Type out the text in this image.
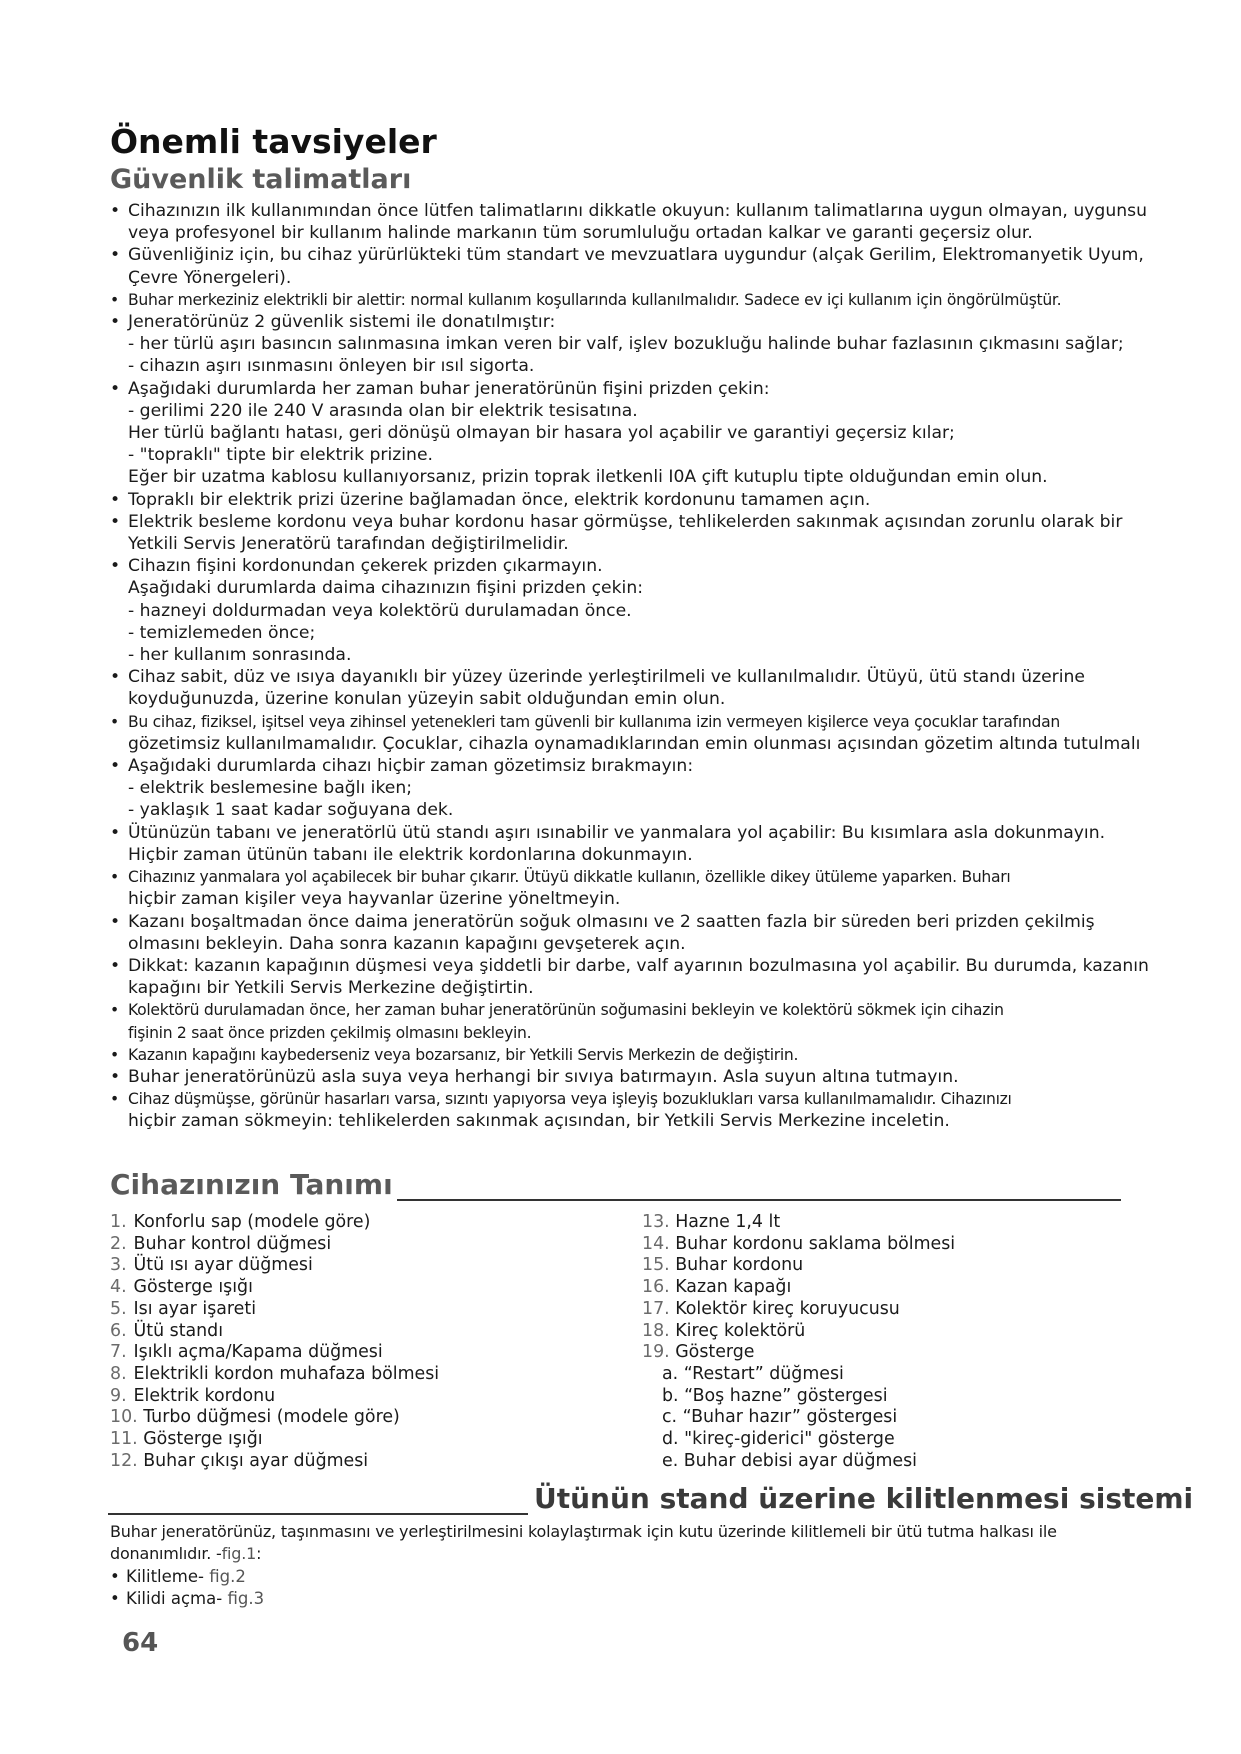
Önemli tavsiyeler
Güvenlik talimatları
• Cihazınızın ilk kullanımından önce lütfen talimatlarını dikkatle okuyun: kullanım talimatlarına uygun olmayan, uygunsu
veya profesyonel bir kullanım halinde markanın tüm sorumluluğu ortadan kalkar ve garanti geçersiz olur.
• Güvenliğiniz için, bu cihaz yürürlükteki tüm standart ve mevzuatlara uygundur (alçak Gerilim, Elektromanyetik Uyum,
Çevre Yönergeleri).
• Buhar merkeziniz elektrikli bir alettir: normal kullanım koşullarında kullanılmalıdır. Sadece ev içi kullanım için öngörülmüştür.
• Jeneratörünüz 2 güvenlik sistemi ile donatılmıştır:
- her türlü aşırı basıncın salınmasına imkan veren bir valf, işlev bozukluğu halinde buhar fazlasının çıkmasını sağlar;
- cihazın aşırı ısınmasını önleyen bir ısıl sigorta.
• Aşağıdaki durumlarda her zaman buhar jeneratörünün fişini prizden çekin:
- gerilimi 220 ile 240 V arasında olan bir elektrik tesisatına.
Her türlü bağlantı hatası, geri dönüşü olmayan bir hasara yol açabilir ve garantiyi geçersiz kılar;
- "topraklı" tipte bir elektrik prizine.
Eğer bir uzatma kablosu kullanıyorsanız, prizin toprak iletkenli I0A çift kutuplu tipte olduğundan emin olun.
• Topraklı bir elektrik prizi üzerine bağlamadan önce, elektrik kordonunu tamamen açın.
• Elektrik besleme kordonu veya buhar kordonu hasar görmüşse, tehlikelerden sakınmak açısından zorunlu olarak bir
Yetkili Servis Jeneratörü tarafından değiştirilmelidir.
• Cihazın fişini kordonundan çekerek prizden çıkarmayın.
Aşağıdaki durumlarda daima cihazınızın fişini prizden çekin:
- hazneyi doldurmadan veya kolektörü durulamadan önce.
- temizlemeden önce;
- her kullanım sonrasında.
• Cihaz sabit, düz ve ısıya dayanıklı bir yüzey üzerinde yerleştirilmeli ve kullanılmalıdır. Ütüyü, ütü standı üzerine
koyduğunuzda, üzerine konulan yüzeyin sabit olduğundan emin olun.
• Bu cihaz, fiziksel, işitsel veya zihinsel yetenekleri tam güvenli bir kullanıma izin vermeyen kişilerce veya çocuklar tarafından
gözetimsiz kullanılmamalıdır. Çocuklar, cihazla oynamadıklarından emin olunması açısından gözetim altında tutulmalı
• Aşağıdaki durumlarda cihazı hiçbir zaman gözetimsiz bırakmayın:
- elektrik beslemesine bağlı iken;
- yaklaşık 1 saat kadar soğuyana dek.
• Ütünüzün tabanı ve jeneratörlü ütü standı aşırı ısınabilir ve yanmalara yol açabilir: Bu kısımlara asla dokunmayın.
Hiçbir zaman ütünün tabanı ile elektrik kordonlarına dokunmayın.
• Cihazınız yanmalara yol açabilecek bir buhar çıkarır. Ütüyü dikkatle kullanın, özellikle dikey ütüleme yaparken. Buharı
hiçbir zaman kişiler veya hayvanlar üzerine yöneltmeyin.
• Kazanı boşaltmadan önce daima jeneratörün soğuk olmasını ve 2 saatten fazla bir süreden beri prizden çekilmiş
olmasını bekleyin. Daha sonra kazanın kapağını gevşeterek açın.
• Dikkat: kazanın kapağının düşmesi veya şiddetli bir darbe, valf ayarının bozulmasına yol açabilir. Bu durumda, kazanın
kapağını bir Yetkili Servis Merkezine değiştirtin.
• Kolektörü durulamadan önce, her zaman buhar jeneratörünün soğumasini bekleyin ve kolektörü sökmek için cihazin
fişinin 2 saat önce prizden çekilmiş olmasını bekleyin.
• Kazanın kapağını kaybederseniz veya bozarsanız, bir Yetkili Servis Merkezin de değiştirin.
• Buhar jeneratörünüzü asla suya veya herhangi bir sıvıya batırmayın. Asla suyun altına tutmayın.
• Cihaz düşmüşse, görünür hasarları varsa, sızıntı yapıyorsa veya işleyiş bozuklukları varsa kullanılmamalıdır. Cihazınızı
hiçbir zaman sökmeyin: tehlikelerden sakınmak açısından, bir Yetkili Servis Merkezine inceletin.
Cihazınızın Tanımı
1. Konforlu sap (modele göre)
2. Buhar kontrol düğmesi
3. Ütü ısı ayar düğmesi
4. Gösterge ışığı
5. Isı ayar işareti
6. Ütü standı
7. Işıklı açma/Kapama düğmesi
8. Elektrikli kordon muhafaza bölmesi
9. Elektrik kordonu
10. Turbo düğmesi (modele göre)
11. Gösterge ışığı
12. Buhar çıkışı ayar düğmesi
13. Hazne 1,4 lt
14. Buhar kordonu saklama bölmesi
15. Buhar kordonu
16. Kazan kapağı
17. Kolektör kireç koruyucusu
18. Kireç kolektörü
19. Gösterge
a. “Restart” düğmesi
b. “Boş hazne” göstergesi
c. “Buhar hazır” göstergesi
d. "kireç-giderici" gösterge
e. Buhar debisi ayar düğmesi
Ütünün stand üzerine kilitlenmesi sistemi
Buhar jeneratörünüz, taşınmasını ve yerleştirilmesini kolaylaştırmak için kutu üzerinde kilitlemeli bir ütü tutma halkası ile
donanımlıdır. -fig.1:
• Kilitleme- fig.2
• Kilidi açma- fig.3
64
